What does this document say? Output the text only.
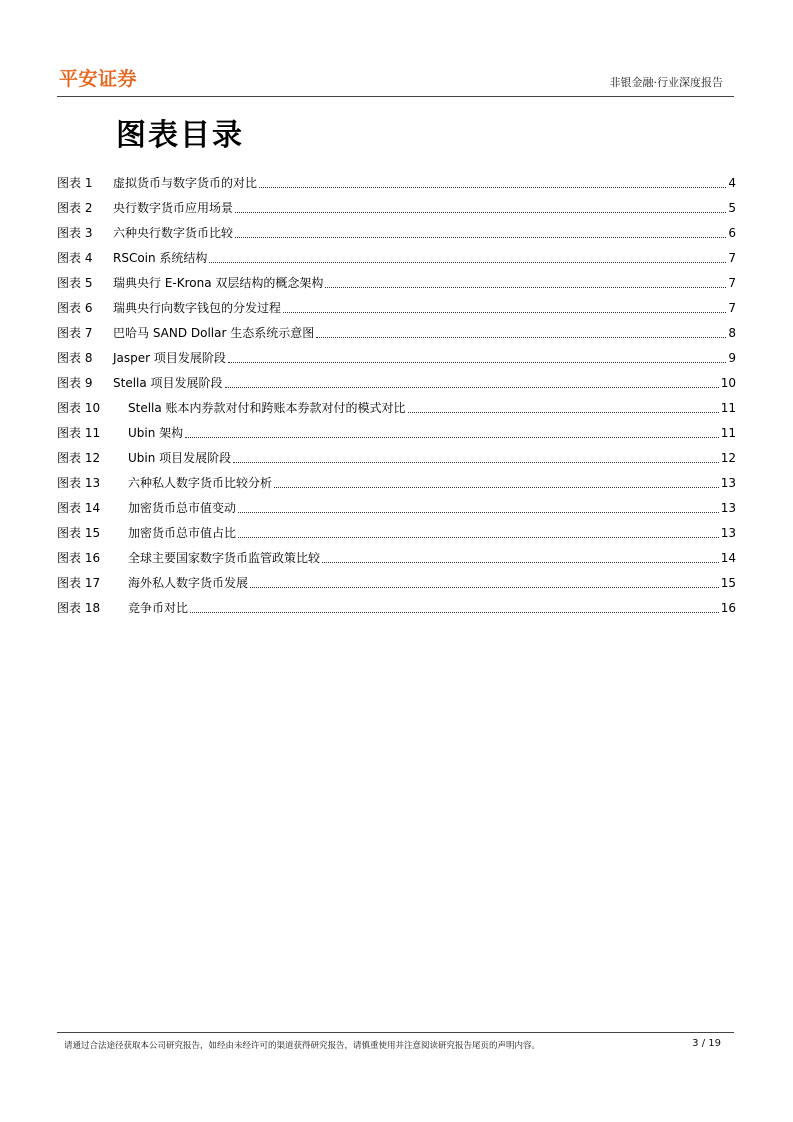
平安证券	非银金融·行业深度报告
图表目录
图表 1	虚拟货币与数字货币的对比	4
图表 2	央行数字货币应用场景	5
图表 3	六种央行数字货币比较	6
图表 4	RSCoin 系统结构	7
图表 5	瑞典央行 E-Krona 双层结构的概念架构	7
图表 6	瑞典央行向数字钱包的分发过程	7
图表 7	巴哈马 SAND Dollar 生态系统示意图	8
图表 8	Jasper 项目发展阶段	9
图表 9	Stella 项目发展阶段	10
图表 10	Stella 账本内券款对付和跨账本券款对付的模式对比	11
图表 11	Ubin 架构	11
图表 12	Ubin 项目发展阶段	12
图表 13	六种私人数字货币比较分析	13
图表 14	加密货币总市值变动	13
图表 15	加密货币总市值占比	13
图表 16	全球主要国家数字货币监管政策比较	14
图表 17	海外私人数字货币发展	15
图表 18	竞争币对比	16
请通过合法途径获取本公司研究报告，如经由未经许可的渠道获得研究报告，请慎重使用并注意阅读研究报告尾页的声明内容。	3 / 19
